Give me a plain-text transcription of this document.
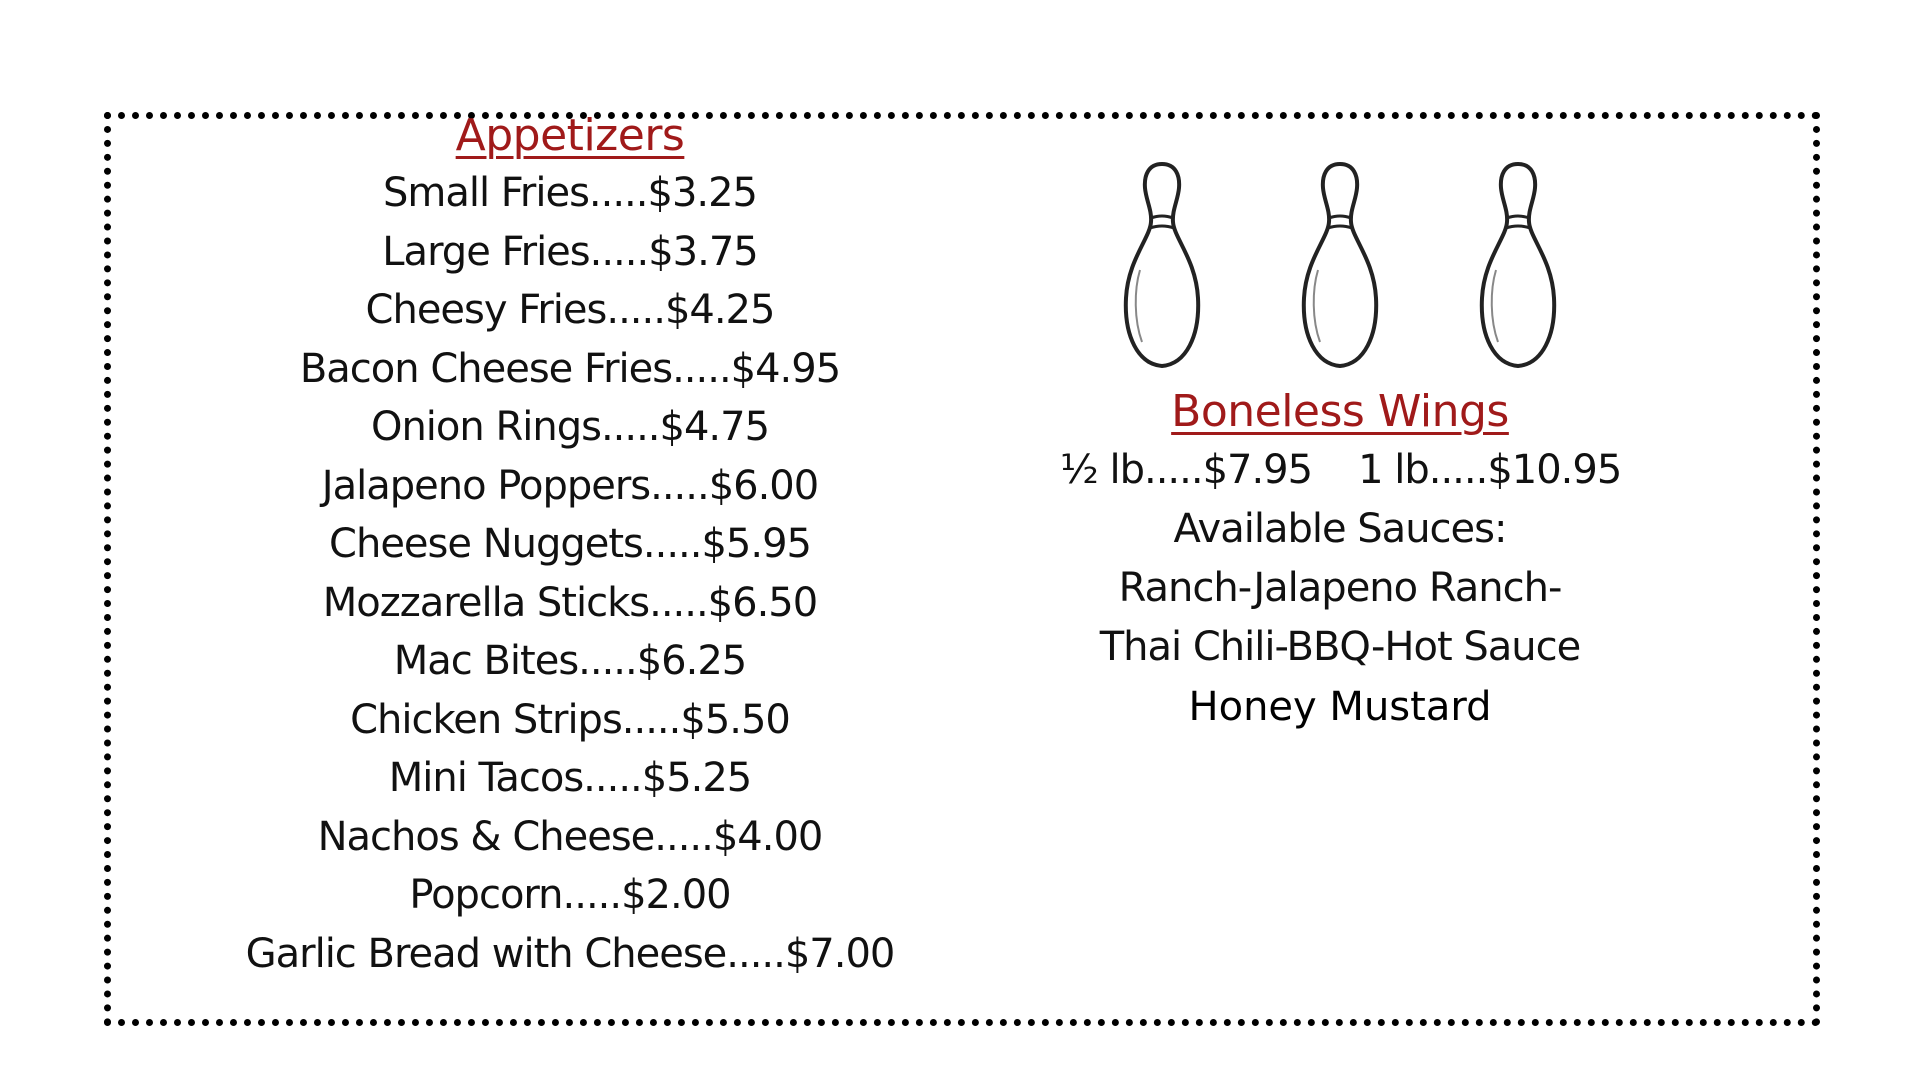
Appetizers
Small Fries.....$3.25
Large Fries.....$3.75
Cheesy Fries.....$4.25
Bacon Cheese Fries.....$4.95
Onion Rings.....$4.75
Jalapeno Poppers.....$6.00
Cheese Nuggets.....$5.95
Mozzarella Sticks.....$6.50
Mac Bites.....$6.25
Chicken Strips.....$5.50
Mini Tacos.....$5.25
Nachos & Cheese.....$4.00
Popcorn.....$2.00
Garlic Bread with Cheese.....$7.00
Boneless Wings
½ lb.....$7.95 1 lb.....$10.95
Available Sauces:
Ranch-Jalapeno Ranch-
Thai Chili-BBQ-Hot Sauce
Honey Mustard
